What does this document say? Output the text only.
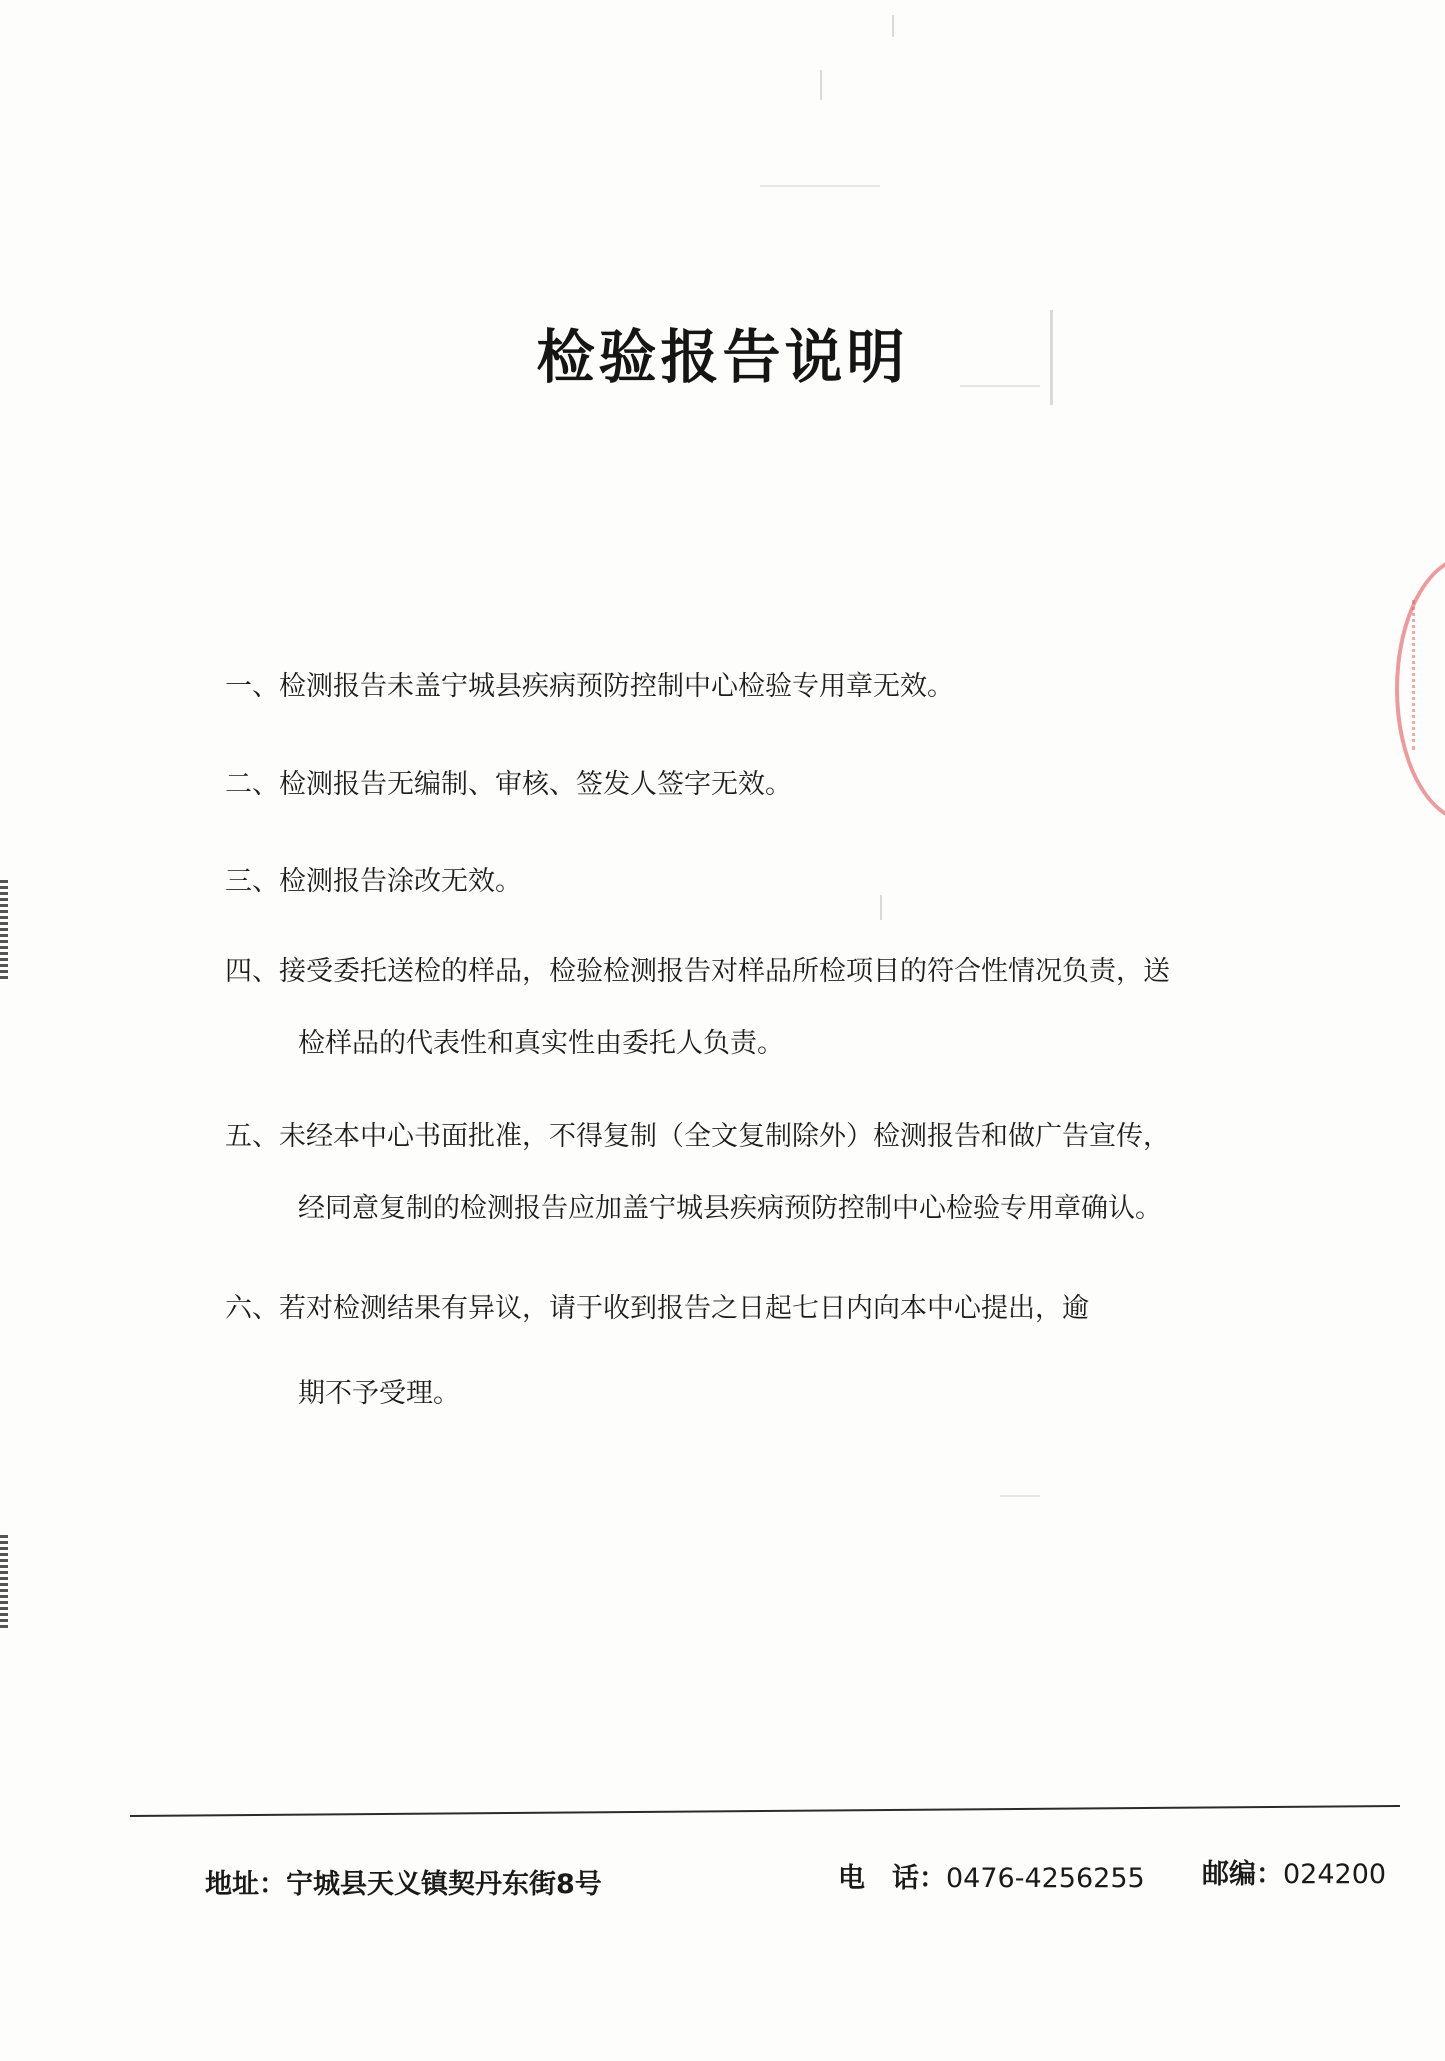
检验报告说明
一、检测报告未盖宁城县疾病预防控制中心检验专用章无效。
二、检测报告无编制、审核、签发人签字无效。
三、检测报告涂改无效。
四、接受委托送检的样品，检验检测报告对样品所检项目的符合性情况负责，送
检样品的代表性和真实性由委托人负责。
五、未经本中心书面批准，不得复制（全文复制除外）检测报告和做广告宣传，
经同意复制的检测报告应加盖宁城县疾病预防控制中心检验专用章确认。
六、若对检测结果有异议，请于收到报告之日起七日内向本中心提出，逾
期不予受理。
地址：宁城县天义镇契丹东街8号	电　话：0476-4256255 邮编：024200
